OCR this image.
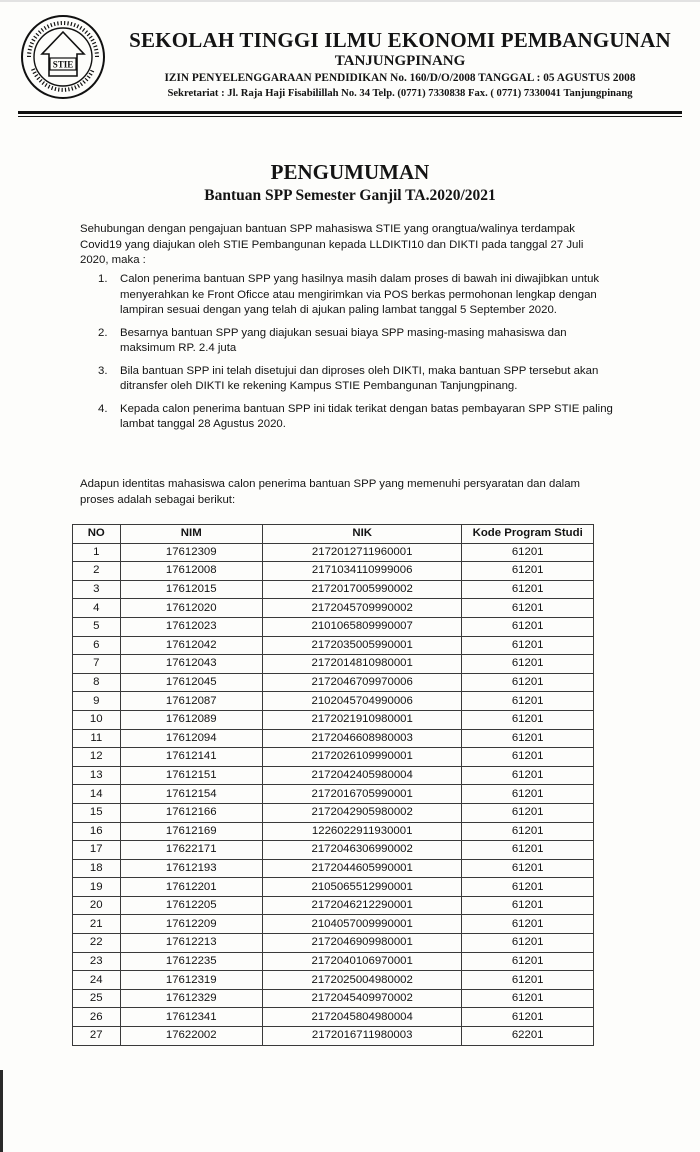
STIE
SEKOLAH TINGGI ILMU EKONOMI PEMBANGUNAN
TANJUNGPINANG
IZIN PENYELENGGARAAN PENDIDIKAN No. 160/D/O/2008 TANGGAL : 05 AGUSTUS 2008
Sekretariat : Jl. Raja Haji Fisabilillah No. 34 Telp. (0771) 7330838 Fax. ( 0771) 7330041 Tanjungpinang
PENGUMUMAN
Bantuan SPP Semester Ganjil TA.2020/2021
Sehubungan dengan pengajuan bantuan SPP mahasiswa STIE yang orangtua/walinya terdampak Covid19 yang diajukan oleh STIE Pembangunan kepada LLDIKTI10 dan DIKTI pada tanggal 27 Juli 2020, maka :
1. Calon penerima bantuan SPP yang hasilnya masih dalam proses di bawah ini diwajibkan untuk menyerahkan ke Front Oficce atau mengirimkan via POS berkas permohonan lengkap dengan lampiran sesuai dengan yang telah di ajukan paling lambat tanggal 5 September 2020.
2. Besarnya bantuan SPP yang diajukan sesuai biaya SPP masing-masing mahasiswa dan maksimum RP. 2.4 juta
3. Bila bantuan SPP ini telah disetujui dan diproses oleh DIKTI, maka bantuan SPP tersebut akan ditransfer oleh DIKTI ke rekening Kampus STIE Pembangunan Tanjungpinang.
4. Kepada calon penerima bantuan SPP ini tidak terikat dengan batas pembayaran SPP STIE paling lambat tanggal 28 Agustus 2020.
Adapun identitas mahasiswa calon penerima bantuan SPP yang memenuhi persyaratan dan dalam proses adalah sebagai berikut:
NO	NIM	NIK	Kode Program Studi
1	17612309	2172012711960001	61201
2	17612008	2171034110999006	61201
3	17612015	2172017005990002	61201
4	17612020	2172045709990002	61201
5	17612023	2101065809990007	61201
6	17612042	2172035005990001	61201
7	17612043	2172014810980001	61201
8	17612045	2172046709970006	61201
9	17612087	2102045704990006	61201
10	17612089	2172021910980001	61201
11	17612094	2172046608980003	61201
12	17612141	2172026109990001	61201
13	17612151	2172042405980004	61201
14	17612154	2172016705990001	61201
15	17612166	2172042905980002	61201
16	17612169	1226022911930001	61201
17	17622171	2172046306990002	61201
18	17612193	2172044605990001	61201
19	17612201	2105065512990001	61201
20	17612205	2172046212290001	61201
21	17612209	2104057009990001	61201
22	17612213	2172046909980001	61201
23	17612235	2172040106970001	61201
24	17612319	2172025004980002	61201
25	17612329	2172045409970002	61201
26	17612341	2172045804980004	61201
27	17622002	2172016711980003	62201
